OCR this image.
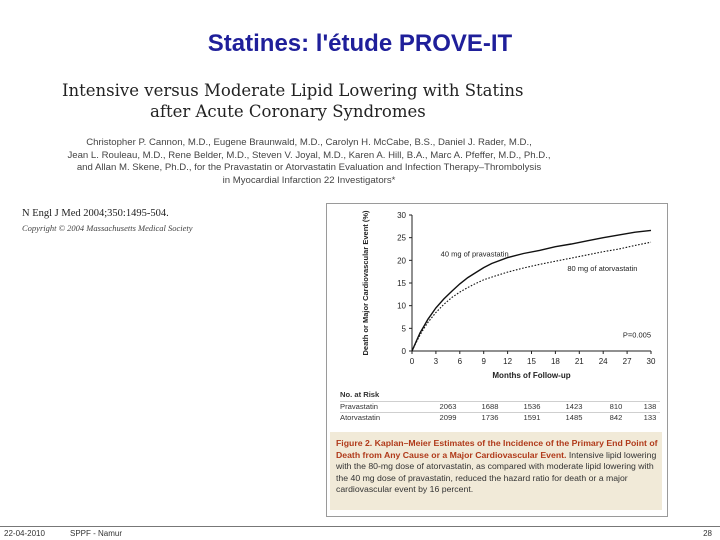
Statines: l'étude PROVE-IT
Intensive versus Moderate Lipid Lowering with Statins
after Acute Coronary Syndromes
Christopher P. Cannon, M.D., Eugene Braunwald, M.D., Carolyn H. McCabe, B.S., Daniel J. Rader, M.D.,
Jean L. Rouleau, M.D., Rene Belder, M.D., Steven V. Joyal, M.D., Karen A. Hill, B.A., Marc A. Pfeffer, M.D., Ph.D.,
and Allan M. Skene, Ph.D., for the Pravastatin or Atorvastatin Evaluation and Infection Therapy–Thrombolysis
in Myocardial Infarction 22 Investigators*
N Engl J Med 2004;350:1495-504.
Copyright © 2004 Massachusetts Medical Society
0 3 6 9 12 15 18 21 24 27 30
0
5
10
15
20
25
30
Months of Follow-up
Death or Major Cardiovascular Event (%)	40 mg of pravastatin
80 mg of atorvastatin
P=0.005
No. at Risk
Pravastatin	2063	1688	1536	1423	810	138
Atorvastatin	2099	1736	1591	1485	842	133
Figure 2. Kaplan–Meier Estimates of the Incidence of the Primary End Point of Death from Any Cause or a Major Cardiovascular Event. Intensive lipid lowering with the 80-mg dose of atorvastatin, as compared with moderate lipid lowering with the 40 mg dose of pravastatin, reduced the hazard ratio for death or a major cardiovascular event by 16 percent.
22-04-2010	SPPF - Namur	28
